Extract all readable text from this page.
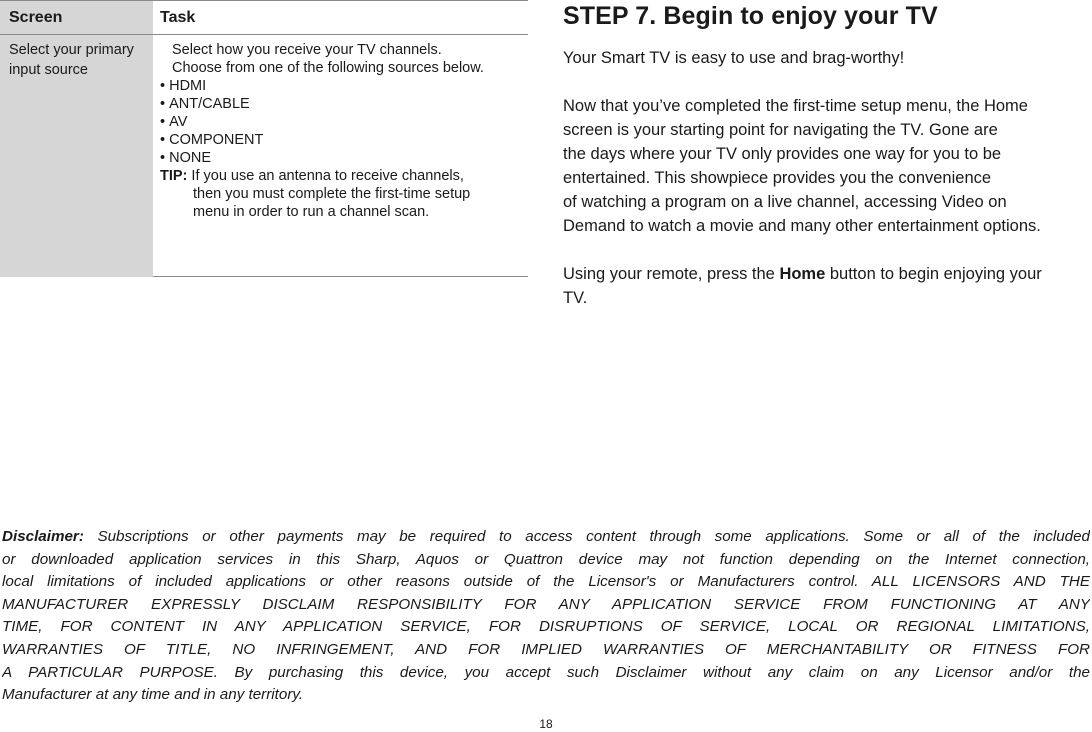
Screen	Task
Select your primary input source
Select how you receive your TV channels.
Choose from one of the following sources below.
• HDMI
• ANT/CABLE
• AV
• COMPONENT
• NONE
TIP: If you use an antenna to receive channels,
then you must complete the first-time setup
menu in order to run a channel scan.
STEP 7. Begin to enjoy your TV
Your Smart TV is easy to use and brag-worthy!
Now that you’ve completed the first-time setup menu, the Home
screen is your starting point for navigating the TV. Gone are
the days where your TV only provides one way for you to be
entertained. This showpiece provides you the convenience
of watching a program on a live channel, accessing Video on
Demand to watch a movie and many other entertainment options.
Using your remote, press the Home button to begin enjoying your
TV.
Disclaimer: Subscriptions or other payments may be required to access content through some applications. Some or all of the included
or downloaded application services in this Sharp, Aquos or Quattron device may not function depending on the Internet connection,
local limitations of included applications or other reasons outside of the Licensor's or Manufacturers control. ALL LICENSORS AND THE
MANUFACTURER EXPRESSLY DISCLAIM RESPONSIBILITY FOR ANY APPLICATION SERVICE FROM FUNCTIONING AT ANY
TIME, FOR CONTENT IN ANY APPLICATION SERVICE, FOR DISRUPTIONS OF SERVICE, LOCAL OR REGIONAL LIMITATIONS,
WARRANTIES OF TITLE, NO INFRINGEMENT, AND FOR IMPLIED WARRANTIES OF MERCHANTABILITY OR FITNESS FOR
A PARTICULAR PURPOSE. By purchasing this device, you accept such Disclaimer without any claim on any Licensor and/or the
Manufacturer at any time and in any territory.
18
